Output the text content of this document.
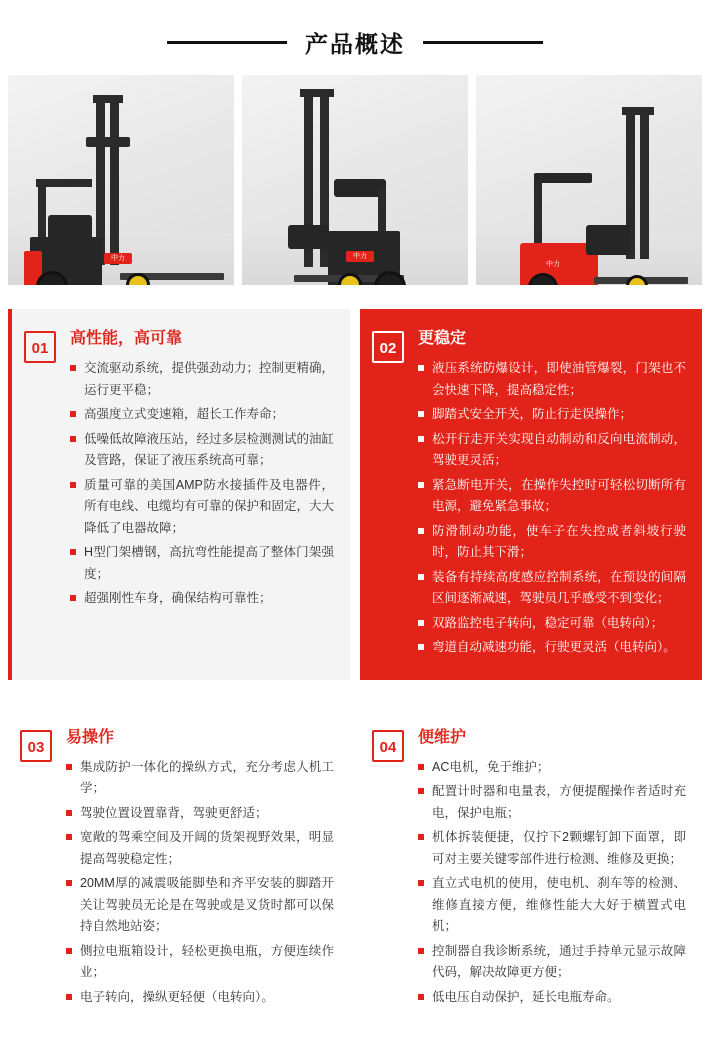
产品概述
中力	中力
中力
01
高性能，高可靠
交流驱动系统，提供强劲动力；控制更精确，运行更平稳；
高强度立式变速箱，超长工作寿命；
低噪低故障液压站，经过多层检测测试的油缸及管路，保证了液压系统高可靠；
质量可靠的美国AMP防水接插件及电器件，所有电线、电缆均有可靠的保护和固定，大大降低了电器故障；
H型门架槽钢，高抗弯性能提高了整体门架强度；
超强刚性车身，确保结构可靠性；
02
更稳定
液压系统防爆设计，即使油管爆裂，门架也不会快速下降，提高稳定性；
脚踏式安全开关，防止行走误操作；
松开行走开关实现自动制动和反向电流制动，驾驶更灵活；
紧急断电开关，在操作失控时可轻松切断所有电源，避免紧急事故；
防滑制动功能，使车子在失控或者斜坡行驶时，防止其下滑；
装备有持续高度感应控制系统，在预设的间隔区间逐渐减速，驾驶员几乎感受不到变化；
双路监控电子转向，稳定可靠（电转向）；
弯道自动减速功能，行驶更灵活（电转向）。
03
易操作
集成防护一体化的操纵方式，充分考虑人机工学；
驾驶位置设置靠背，驾驶更舒适；
宽敞的驾乘空间及开阔的货架视野效果，明显提高驾驶稳定性；
20MM厚的减震吸能脚垫和齐平安装的脚踏开关让驾驶员无论是在驾驶或是叉货时都可以保持自然地站姿；
侧拉电瓶箱设计，轻松更换电瓶，方便连续作业；
电子转向，操纵更轻便（电转向）。
04
便维护
AC电机，免于维护；
配置计时器和电量表，方便提醒操作者适时充电，保护电瓶；
机体拆装便捷，仅拧下2颗螺钉卸下面罩，即可对主要关键零部件进行检测、维修及更换；
直立式电机的使用，使电机、刹车等的检测、维修直接方便，维修性能大大好于横置式电机；
控制器自我诊断系统，通过手持单元显示故障代码，解决故障更方便；
低电压自动保护，延长电瓶寿命。
